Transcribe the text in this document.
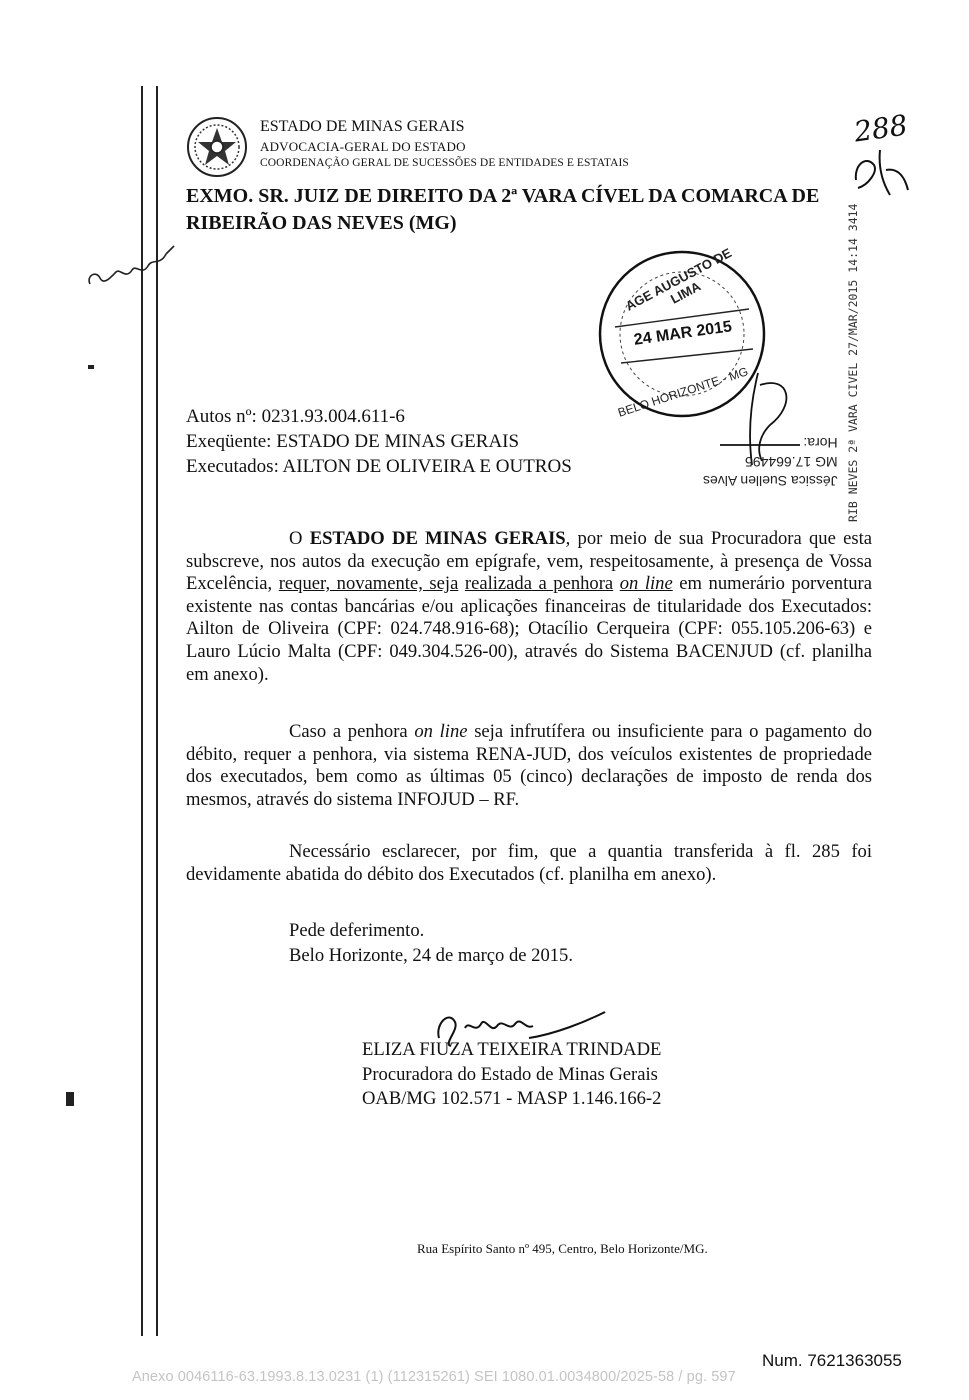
ESTADO DE MINAS GERAIS
ADVOCACIA-GERAL DO ESTADO
COORDENAÇÃO GERAL DE SUCESSÕES DE ENTIDADES E ESTATAIS
288
EXMO. SR. JUIZ DE DIREITO DA 2ª VARA CÍVEL DA COMARCA DE
RIBEIRÃO DAS NEVES (MG)
AGE AUGUSTO DE LIMA
24 MAR 2015
BELO HORIZONTE - MG	RIB NEVES 2ª VARA CIVEL 27/MAR/2015 14:14 3414
Jéssica Suellen Alves
MG 17.664495
Hora:
Autos nº: 0231.93.004.611-6
Exeqüente: ESTADO DE MINAS GERAIS
Executados: AILTON DE OLIVEIRA E OUTROS
O ESTADO DE MINAS GERAIS, por meio de sua Procuradora que esta subscreve, nos autos da execução em epígrafe, vem, respeitosamente, à presença de Vossa Excelência, requer, novamente, seja realizada a penhora on line em numerário porventura existente nas contas bancárias e/ou aplicações financeiras de titularidade dos Executados: Ailton de Oliveira (CPF: 024.748.916-68); Otacílio Cerqueira (CPF: 055.105.206-63) e Lauro Lúcio Malta (CPF: 049.304.526-00), através do Sistema BACENJUD (cf. planilha em anexo).
Caso a penhora on line seja infrutífera ou insuficiente para o pagamento do débito, requer a penhora, via sistema RENA-JUD, dos veículos existentes de propriedade dos executados, bem como as últimas 05 (cinco) declarações de imposto de renda dos mesmos, através do sistema INFOJUD – RF.
Necessário esclarecer, por fim, que a quantia transferida à fl. 285 foi devidamente abatida do débito dos Executados (cf. planilha em anexo).
Pede deferimento.
Belo Horizonte, 24 de março de 2015.
ELIZA FIUZA TEIXEIRA TRINDADE
Procuradora do Estado de Minas Gerais
OAB/MG 102.571 - MASP 1.146.166-2
Rua Espírito Santo nº 495, Centro, Belo Horizonte/MG.
Num. 7621363055
Anexo 0046116-63.1993.8.13.0231 (1) (112315261) SEI 1080.01.0034800/2025-58 / pg. 597
